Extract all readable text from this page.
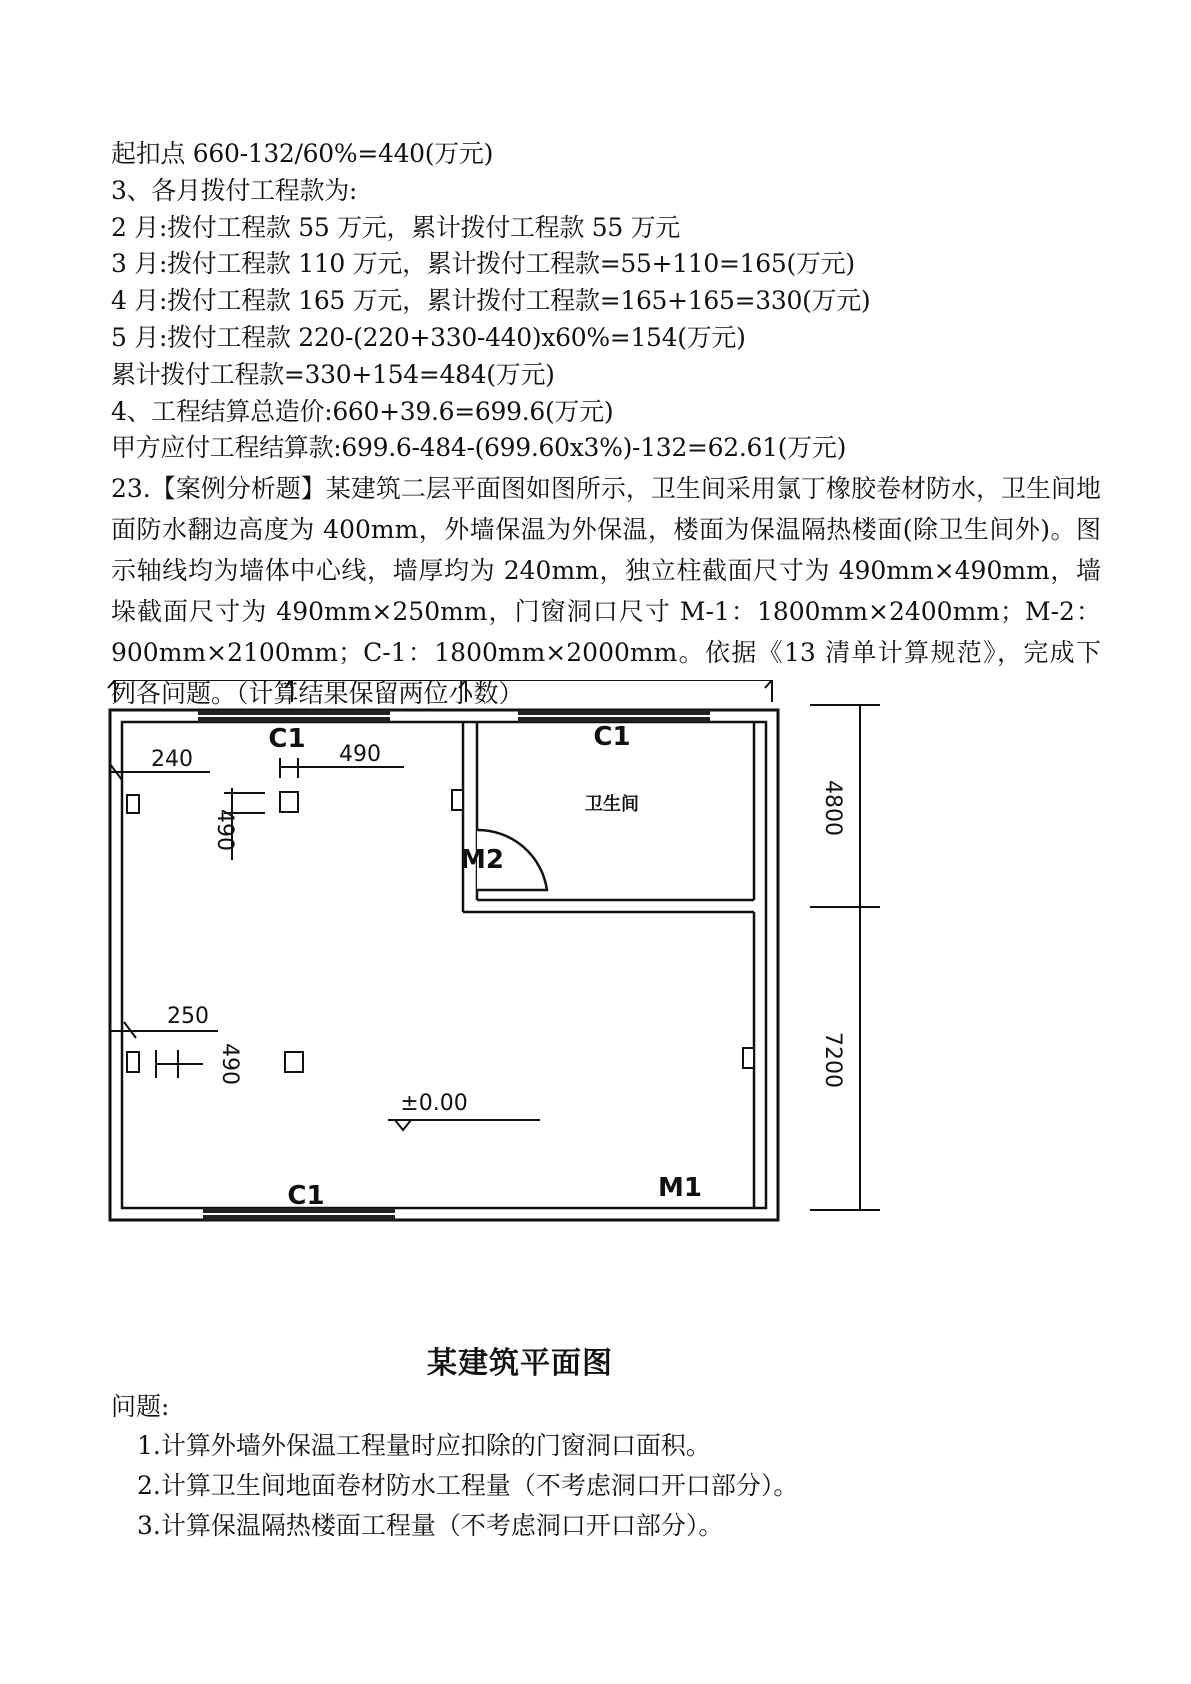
起扣点 660-132/60%=440(万元)
3、各月拨付工程款为:
2 月:拨付工程款 55 万元，累计拨付工程款 55 万元
3 月:拨付工程款 110 万元，累计拨付工程款=55+110=165(万元)
4 月:拨付工程款 165 万元，累计拨付工程款=165+165=330(万元)
5 月:拨付工程款 220-(220+330-440)x60%=154(万元)
累计拨付工程款=330+154=484(万元)
4、工程结算总造价:660+39.6=699.6(万元)
甲方应付工程结算款:699.6-484-(699.60x3%)-132=62.61(万元)
23.【案例分析题】某建筑二层平面图如图所示，卫生间采用氯丁橡胶卷材防水，卫生间地面防水翻边高度为 400mm，外墙保温为外保温，楼面为保温隔热楼面(除卫生间外)。图示轴线均为墙体中心线，墙厚均为 240mm，独立柱截面尺寸为 490mm×490mm，墙垛截面尺寸为 490mm×250mm，门窗洞口尺寸 M-1：1800mm×2400mm；M-2：900mm×2100mm；C-1：1800mm×2000mm。依据《13 清单计算规范》，完成下列各问题。（计算结果保留两位小数）
4800
7200
240	490
490
250
490
C1	C1
C1
M2
M1
卫生间
±0.00
某建筑平面图
问题:
1.计算外墙外保温工程量时应扣除的门窗洞口面积。
2.计算卫生间地面卷材防水工程量（不考虑洞口开口部分）。
3.计算保温隔热楼面工程量（不考虑洞口开口部分）。
